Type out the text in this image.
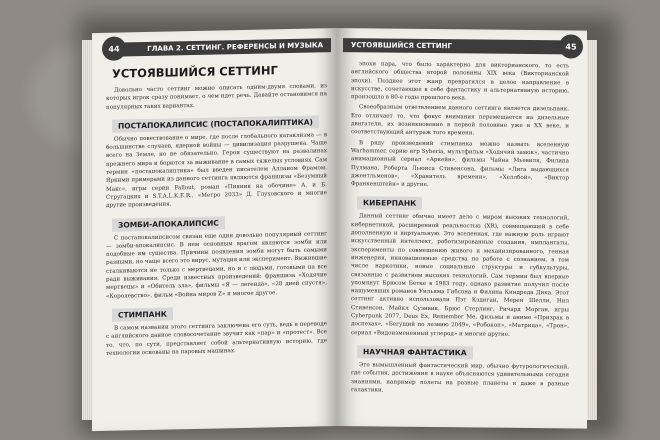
44	ГЛАВА 2. СЕТТИНГ. РЕФЕРЕНСЫ И МУЗЫКА
УСТОЯВШИЙСЯ СЕТТИНГ

Довольно часто сеттинг можно описать одним-двумя словами, из которых игрок сразу понимает, о чем идет речь. Давайте остановимся на популярных таких вариантах.

ПОСТАПОКАЛИПСИС (ПОСТАПОКАЛИПТИКА)

Обычно повествование о мире, где после глобального катаклизма — в большинстве случаев, ядерной войны — цивилизация разрушена. Чаще всего на Земле, но не обязательно. Герои существуют на развалинах прежнего мира и борются за выживание в самых тяжелых условиях. Сам термин «постапокалиптика» был введен писателем Алланом Фрамом. Яркими примерами из данного сеттинга являются франшизы «Безумный Макс», игры серии Fallout, роман «Пикник на обочине» А. и Б. Стругацких и S.T.A.L.K.E.R., «Метро 2033» Д. Глуховского и многие другие произведения.

ЗОМБИ-АПОКАЛИПСИС

С постапокалипсисом связан еще один довольно популярный сеттинг — зомби-апокалипсис. В нем основным врагом являются зомби или подобные им существа. Причины появления зомби могут быть самыми разными, но чаще всего это вирус, мутация или эксперимент. Выжившие сталкиваются не только с мертвецами, но и с людьми, готовыми на все ради выживания. Среди известных произведений: франшиза «Ходячие мертвецы» и «Обитель зла», фильмы «Я — легенда», «28 дней спустя», «Королевство», фильм «Война миров Z» и многое другое.

СТИМПАНК

В самом названии этого сеттинга заключена его суть, ведь в переводе с английского данное словосочетание звучит как «пар» и «протест». Все то, что, по сути, представляет собой альтернативную историю, где технологии основаны на паровых машинах.

УСТОЯВШИЙСЯ СЕТТИНГ	45

эпохи пара, что было характерно для викторианского, то есть английского общества второй половины XIX века (Викторианской эпохи). Позднее этот жанр превратился в целое направление в искусстве, сочетающее в себе фантастику и альтернативную историю, произошло в 80-е годы прошлого века.

Своеобразным ответвлением данного сеттинга является дизельпанк. Его отличает то, что фокус внимания перемещается на дизельные двигатели, их возникновение в первой половине уже в XX веке, и соответствующий антураж того времени.

В ряду произведений стимпанка можно назвать вселенную Warhammer, серию игр Syberia, мультфильм «Ходячий замок», частично анимационный сериал «Аркейн», фильмы Чайна Мьевиля, Филипа Пулмана, Роберта Льюиса Стивенсона, фильмы «Лига выдающихся джентльменов», «Хранитель времени», «Хеллбой», «Виктор Франкенштейн» и другие.

КИБЕРПАНК

Данный сеттинг обычно имеет дело с миром высоких технологий, кибернетикой, расширенной реальностью (XR), совмещающей в себе дополненную и виртуальную. Это вселенная, где важную роль играют искусственный интеллект, роботизированные создания, имплантаты, эксперименты по совмещению живого и механизированного, генная инженерия, инновационные средства по работе с сознанием, в том числе наркотики, новые социальные структуры и субкультуры, связанные с развитием высоких технологий. Сам термин был впервые упомянут Брюсом Бетке в 1983 году, однако развитие получил после нашумевших романов Уильяма Гибсона и Филипа Киндреда Дика. Этот сеттинг активно использовали Пэт Кэдиган, Мерен Шелли, Нил Стивенсон, Майкл Суэнвик, Брюс Стерлинг, Ричард Морган, игры Cyberpunk 2077, Deus Ex, Remember Me, фильмы и аниме «Призрак в доспехах», «Бегущий по лезвию 2049», «Робокоп», «Матрица», «Трон», сериал «Видоизмененный углерод» и многие другие.

НАУЧНАЯ ФАНТАСТИКА

Это вымышленный фантастический мир, обычно футурологический, где события, достижения в науке объясняются удивительными сегодня знаниями, например полеты на разные планеты и даже в разные галактики.
